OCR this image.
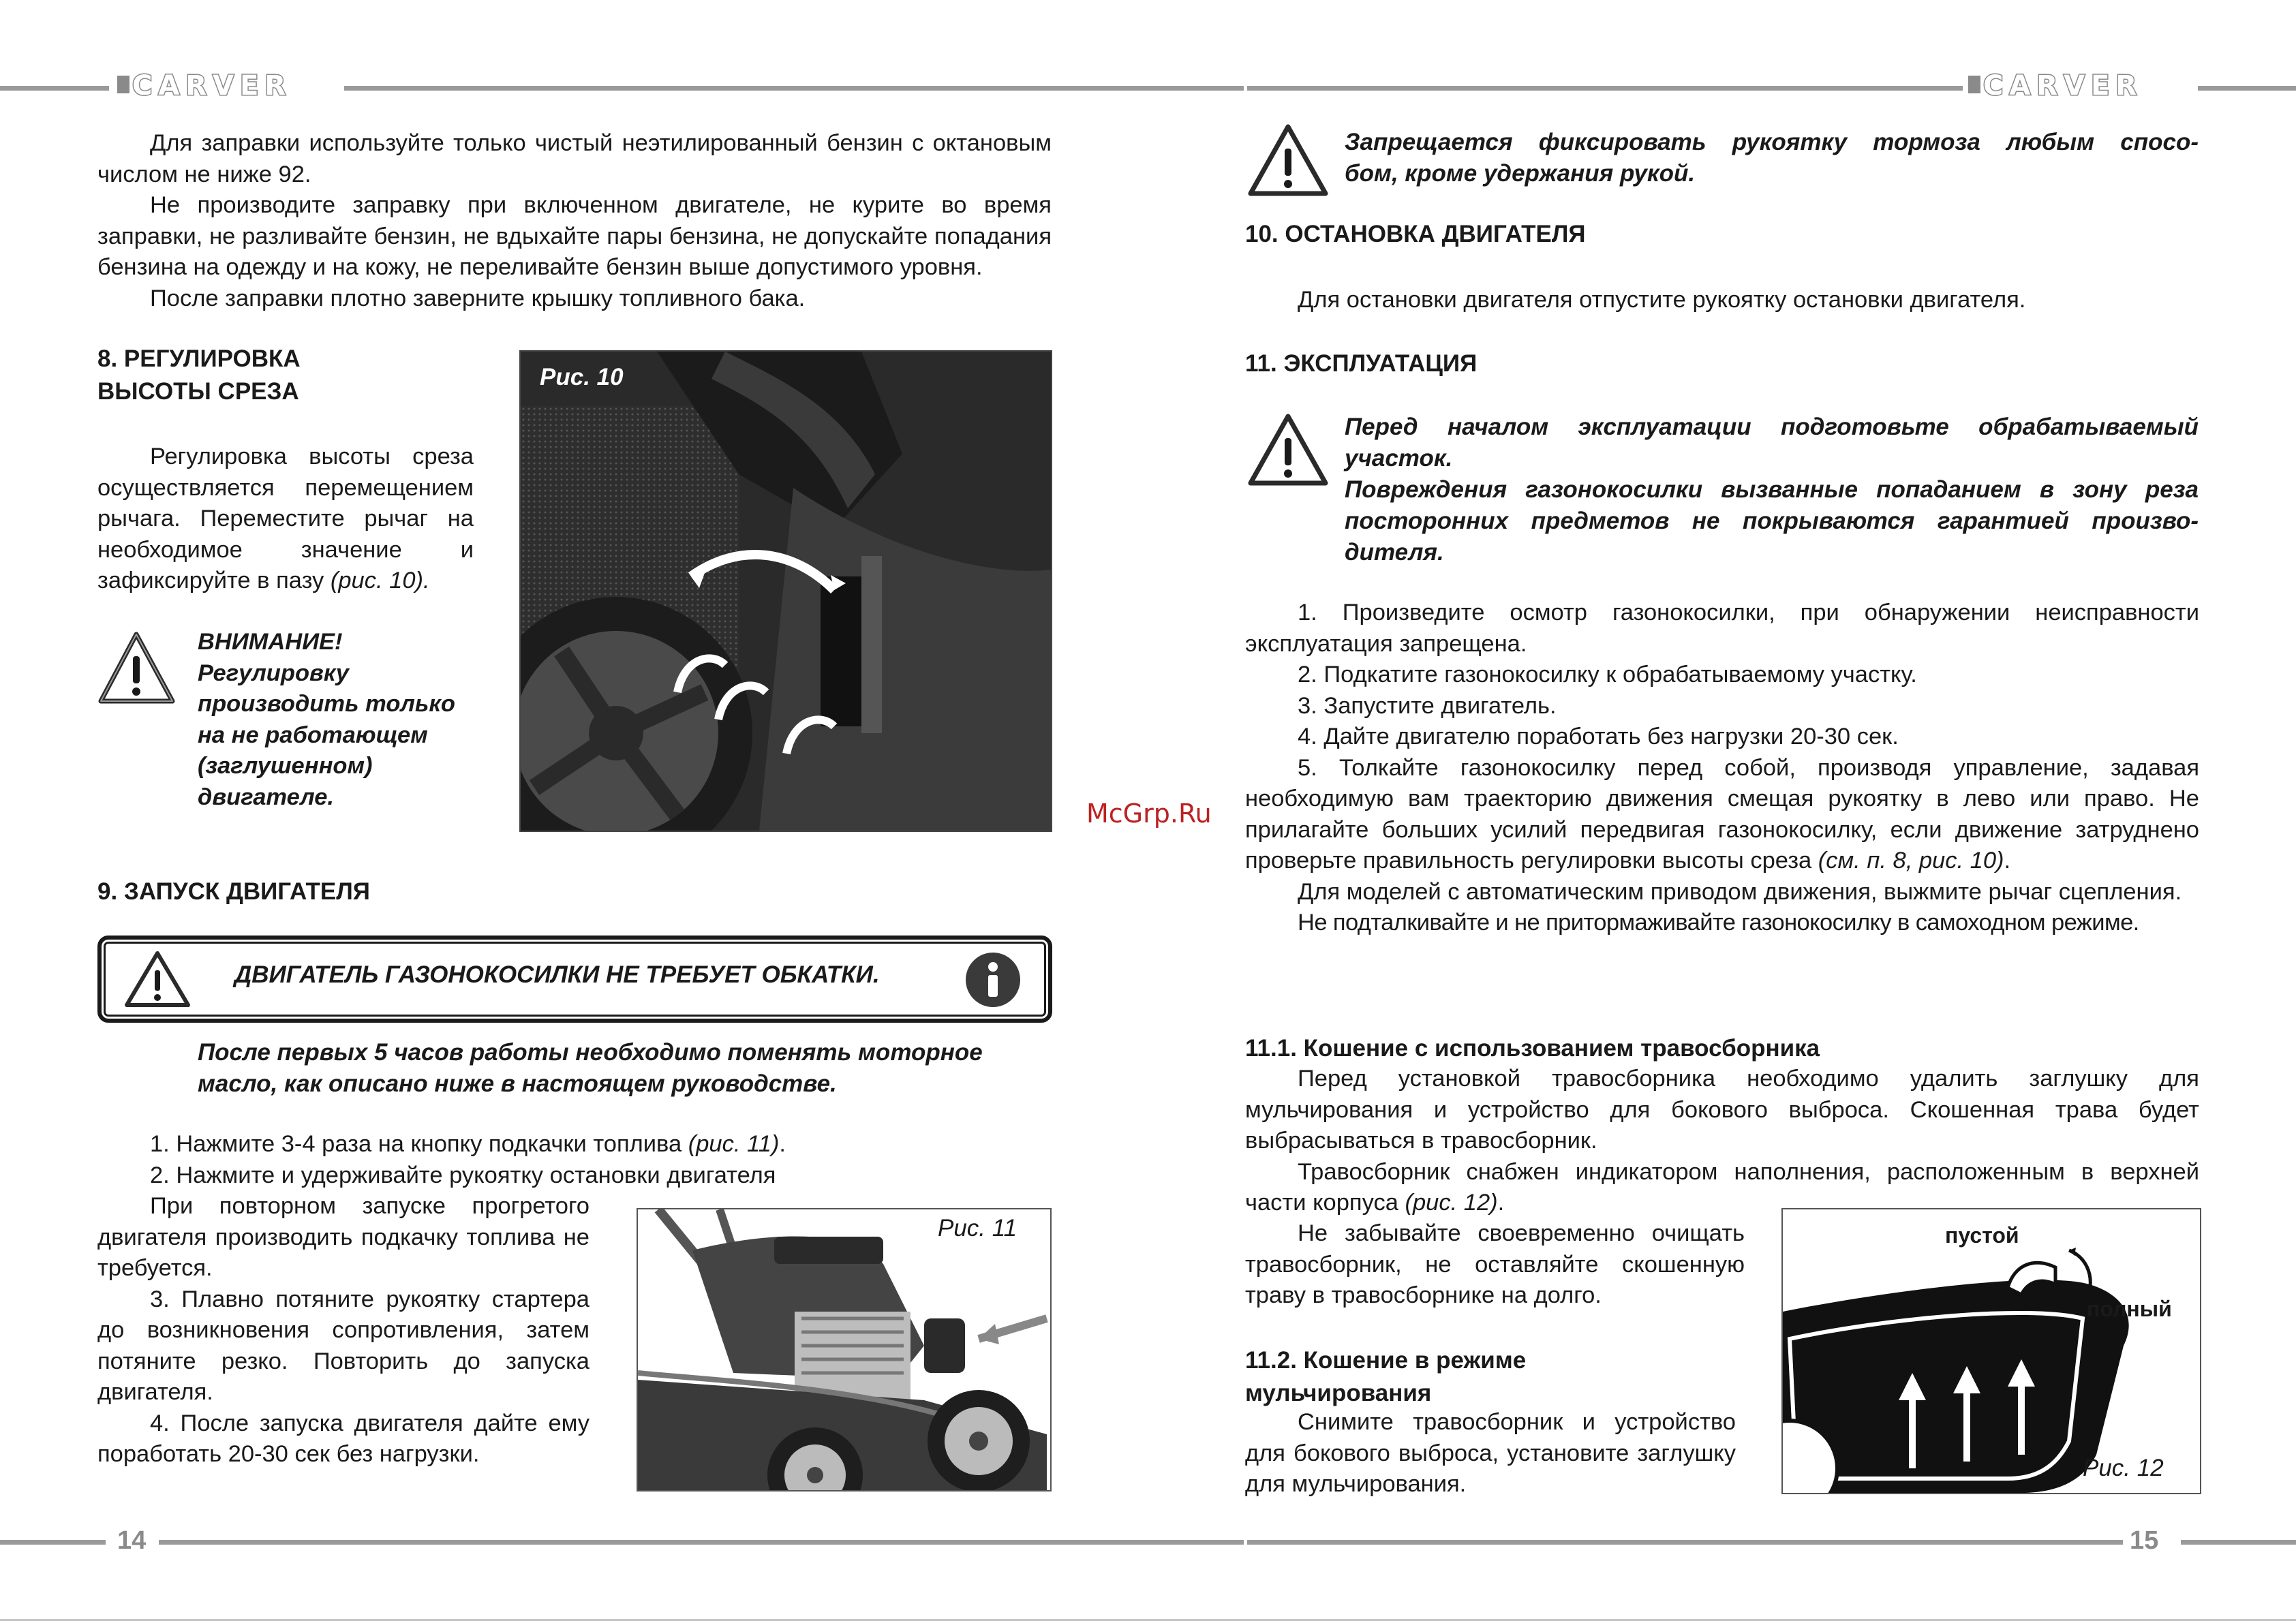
CARVER	CARVER

Для заправки используйте только чистый неэтилированный бензин с октановым числом не ниже 92.

Не производите заправку при включенном двигателе, не курите во время заправки, не разливайте бензин, не вдыхайте пары бензина, не допускайте попадания бензина на одежду и на кожу, не переливайте бензин выше допустимого уровня.

После заправки плотно заверните крышку топливного бака.

8. РЕГУЛИРОВКА
ВЫСОТЫ СРЕЗА

Регулировка высоты среза осуществляется перемещением рычага. Переместите рычаг на необходимое значение и зафиксируйте в пазу (рис. 10).

ВНИМАНИЕ!
Регулировку
производить только
на не работающем
(заглушенном)
двигателе.
Рис. 10
9. ЗАПУСК ДВИГАТЕЛЯ
ДВИГАТЕЛЬ ГАЗОНОКОСИЛКИ НЕ ТРЕБУЕТ ОБКАТКИ.
После первых 5 часов работы необходимо поменять моторное
масло, как описано ниже в настоящем руководстве.

1. Нажмите 3-4 раза на кнопку подкачки топлива (рис. 11).

2. Нажмите и удерживайте рукоятку остановки двигателя

При повторном запуске прогретого двигателя производить подкачку топлива не требуется.

3. Плавно потяните рукоятку стартера до возникновения сопротивления, затем потяните резко. Повторить до запуска двигателя.

4. После запуска двигателя дайте ему поработать 20-30 сек без нагрузки.

Рис. 11
Запрещается фиксировать рукоятку тормоза любым спосо-
бом, кроме удержания рукой.
10. ОСТАНОВКА ДВИГАТЕЛЯ

Для остановки двигателя отпустите рукоятку остановки двигателя.

11. ЭКСПЛУАТАЦИЯ
Перед началом эксплуатации подготовьте обрабатываемый
участок.
Повреждения газонокосилки вызванные попаданием в зону реза
посторонних предметов не покрываются гарантией произво-
дителя.

1. Произведите осмотр газонокосилки, при обнаружении неисправности эксплуатация запрещена.

2. Подкатите газонокосилку к обрабатываемому участку.

3. Запустите двигатель.

4. Дайте двигателю поработать без нагрузки 20-30 сек.

5. Толкайте газонокосилку перед собой, производя управление, задавая необходимую вам траекторию движения смещая рукоятку в лево или право. Не прилагайте больших усилий передвигая газонокосилку, если движение затруднено проверьте правильность регулировки высоты среза (см. п. 8, рис. 10).

Для моделей с автоматическим приводом движения, выжмите рычаг сцепления.

Не подталкивайте и не притормаживайте газонокосилку в самоходном режиме.

11.1. Кошение с использованием травосборника

Перед установкой травосборника необходимо удалить заглушку для мульчирования и устройство для бокового выброса. Скошенная трава будет выбрасываться в травосборник.

Травосборник снабжен индикатором наполнения, расположенным в верхней части корпуса (рис. 12).

Не забывайте своевременно очищать травосборник, не оставляйте скошенную траву в травосборнике на долго.

11.2. Кошение в режиме
мульчирования

Снимите травосборник и устройство для бокового выброса, установите заглушку для мульчирования.

пустой
полный
Рис. 12
McGrp.Ru
14	15
